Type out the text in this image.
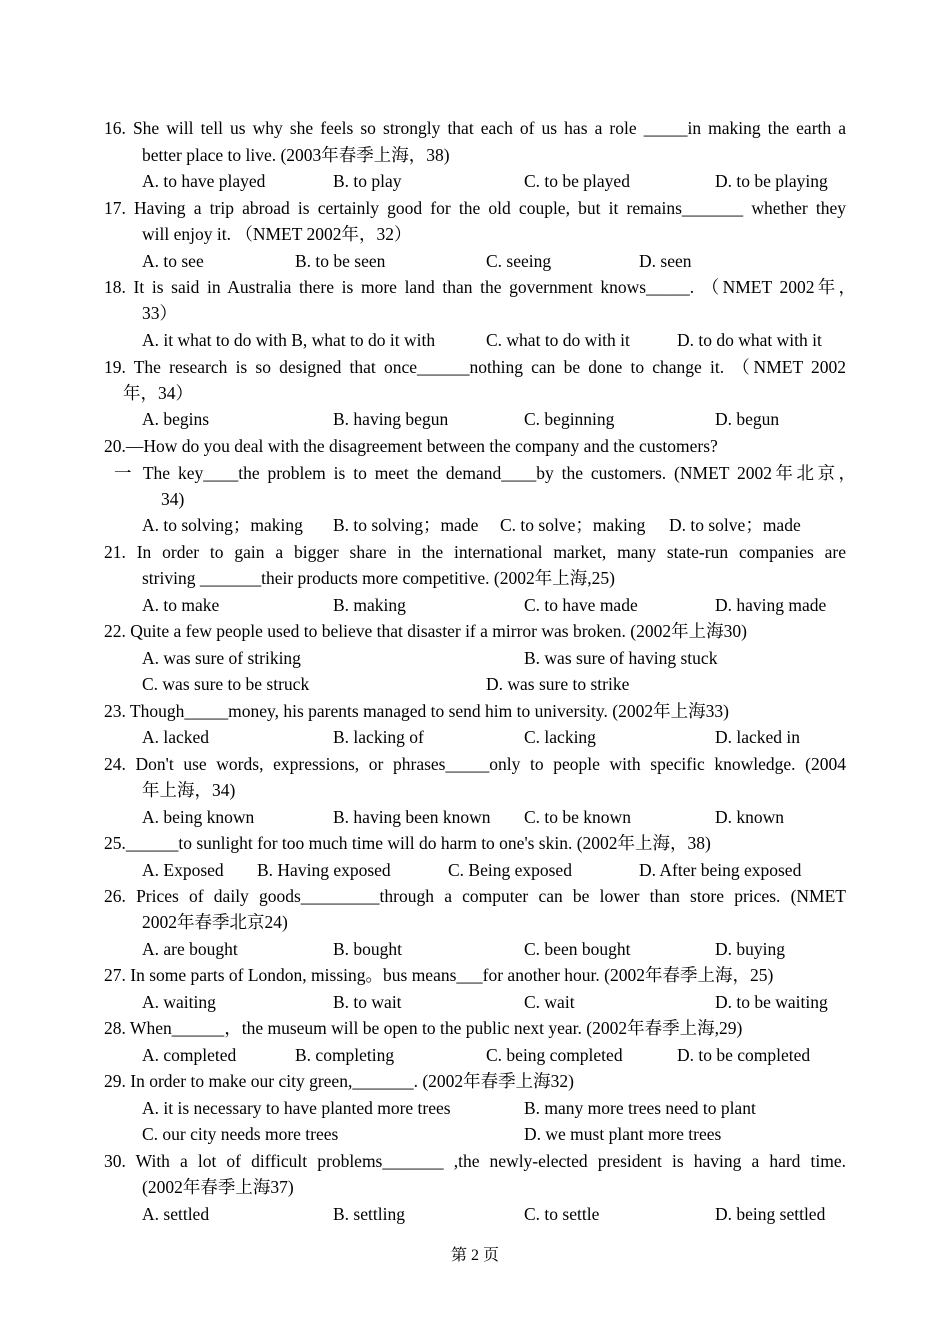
16. She will tell us why she feels so strongly that each of us has a role _____in making the earth a
better place to live. (2003年春季上海，38)
A. to have played	B. to play	C. to be played	D. to be playing
17. Having a trip abroad is certainly good for the old couple, but it remains_______ whether they
will enjoy it. （NMET 2002年，32）
A. to see	B. to be seen	C. seeing	D. seen
18. It is said in Australia there is more land than the government knows_____. （NMET 2002年，
33）
A. it what to do with B, what to do it with	C. what to do with it	D. to do what with it
19. The research is so designed that once______nothing can be done to change it. （NMET 2002
年，34）
A. begins	B. having begun	C. beginning	D. begun
20.—How do you deal with the disagreement between the company and the customers?
一 The key____the problem is to meet the demand____by the customers. (NMET 2002年北京，
34)
A. to solving；making B. to solving；made C. to solve；making D. to solve；made
21. In order to gain a bigger share in the international market, many state-run companies are
striving _______their products more competitive. (2002年上海,25)
A. to make	B. making	C. to have made	D. having made
22. Quite a few people used to believe that disaster if a mirror was broken. (2002年上海30)
A. was sure of striking	B. was sure of having stuck
C. was sure to be struck	D. was sure to strike
23. Though_____money, his parents managed to send him to university. (2002年上海33)
A. lacked	B. lacking of	C. lacking	D. lacked in
24. Don't use words, expressions, or phrases_____only to people with specific knowledge. (2004
年上海，34)
A. being known	B. having been known C. to be known	D. known
25.______to sunlight for too much time will do harm to one's skin. (2002年上海，38)
A. Exposed B. Having exposed	C. Being exposed	D. After being exposed
26. Prices of daily goods_________through a computer can be lower than store prices. (NMET
2002年春季北京24)
A. are bought	B. bought	C. been bought	D. buying
27. In some parts of London, missing。bus means___for another hour. (2002年春季上海，25)
A. waiting	B. to wait	C. wait	D. to be waiting
28. When______，the museum will be open to the public next year. (2002年春季上海,29)
A. completed	B. completing	C. being completed	D. to be completed
29. In order to make our city green,_______. (2002年春季上海32)
A. it is necessary to have planted more trees	B. many more trees need to plant
C. our city needs more trees	D. we must plant more trees
30. With a lot of difficult problems_______ ,the newly-elected president is having a hard time.
(2002年春季上海37)
A. settled	B. settling	C. to settle	D. being settled
第 2 页
